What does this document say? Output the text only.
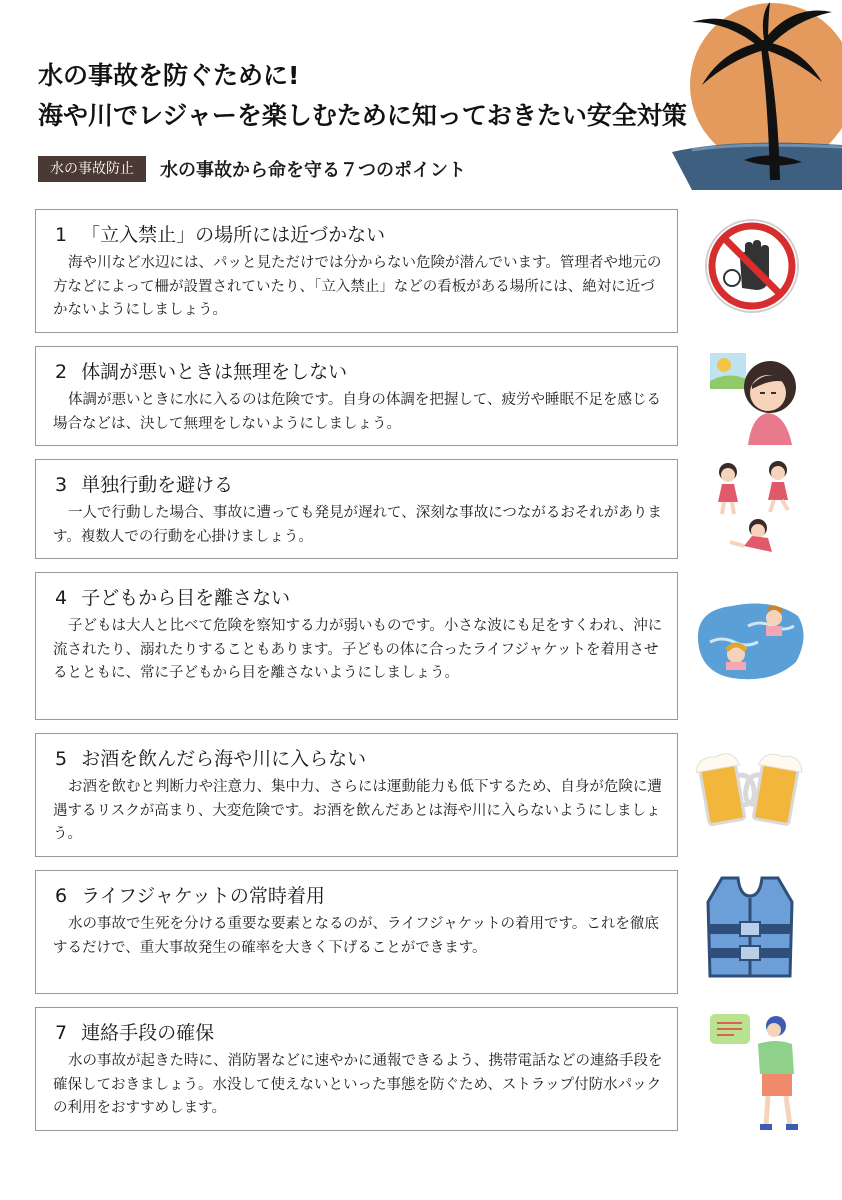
水の事故を防ぐために!
海や川でレジャーを楽しむために知っておきたい安全対策
水の事故防止	水の事故から命を守る７つのポイント

1 「立入禁止」の場所には近づかない

海や川など水辺には、パッと見ただけでは分からない危険が潜んでいます。管理者や地元の方などによって柵が設置されていたり、「立入禁止」などの看板がある場所には、絶対に近づかないようにしましょう。

2 体調が悪いときは無理をしない

体調が悪いときに水に入るのは危険です。自身の体調を把握して、疲労や睡眠不足を感じる場合などは、決して無理をしないようにしましょう。

3 単独行動を避ける

一人で行動した場合、事故に遭っても発見が遅れて、深刻な事故につながるおそれがあります。複数人での行動を心掛けましょう。

4 子どもから目を離さない

子どもは大人と比べて危険を察知する力が弱いものです。小さな波にも足をすくわれ、沖に流されたり、溺れたりすることもあります。子どもの体に合ったライフジャケットを着用させるとともに、常に子どもから目を離さないようにしましょう。

5 お酒を飲んだら海や川に入らない

お酒を飲むと判断力や注意力、集中力、さらには運動能力も低下するため、自身が危険に遭遇するリスクが高まり、大変危険です。お酒を飲んだあとは海や川に入らないようにしましょう。

6 ライフジャケットの常時着用

水の事故で生死を分ける重要な要素となるのが、ライフジャケットの着用です。これを徹底するだけで、重大事故発生の確率を大きく下げることができます。

7 連絡手段の確保

水の事故が起きた時に、消防署などに速やかに通報できるよう、携帯電話などの連絡手段を確保しておきましょう。水没して使えないといった事態を防ぐため、ストラップ付防水パックの利用をおすすめします。
